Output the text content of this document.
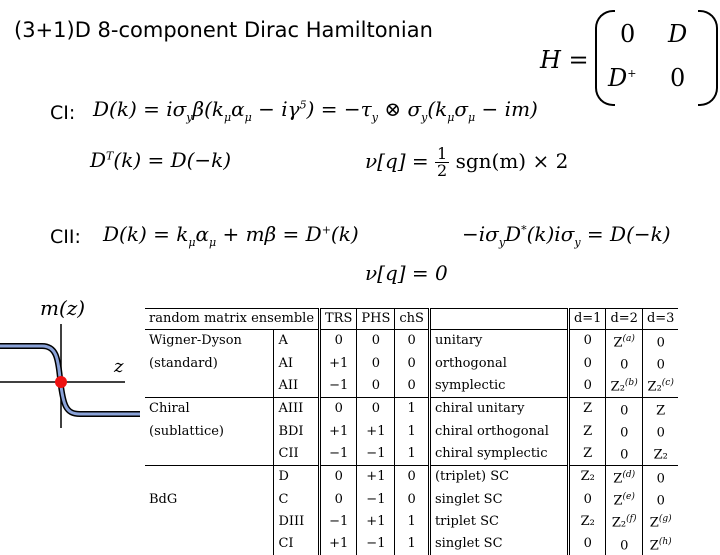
(3+1)D 8-component Dirac Hamiltonian
H =
0 D
D+ 0
CI: $D(k) = i\sigma_y\beta(k_\mu\alpha_\mu - i\gamma^5) = -\tau_y$ ⊗ $\sigma_y(k_\mu\sigma_\mu - im)$
$D^T(k) = D(-k)$	$\nu[q] = \frac{1}{2} sgn(m) \times 2$
CII: $D(k) = k_\mu\alpha_\mu + m\beta = D^+(k)$	$-i\sigma_yD^*(k)i\sigma_y = D(-k)$
ν[q] = 0
m(z)
z
random matrix ensemble		TRS	PHS	chS		d=1	d=2	d=3
Wigner-Dyson	A	0	0	0	unitary	0	$Z^{(a)}$	0
(standard)	AI	+1	0	0	orthogonal	0	0	0
	AII	−1	0	0	symplectic	0	Z₂$^{(b)}$	Z₂$^{(c)}$
Chiral	AIII	0	0	1	chiral unitary	Z	0	Z
(sublattice)	BDI	+1	+1	1	chiral orthogonal	Z	0	0
	CII	−1	−1	1	chiral symplectic	Z	0	Z₂
	D	0	+1	0	(triplet) SC	Z₂	$Z^{(d)}$	0
BdG	C	0	−1	0	singlet SC	0	$Z^{(e)}$	0
	DIII	−1	+1	1	triplet SC	Z₂	Z₂$^{(f)}$	$Z^{(g)}$
	CI	+1	−1	1	singlet SC	0	0	$Z^{(h)}$
